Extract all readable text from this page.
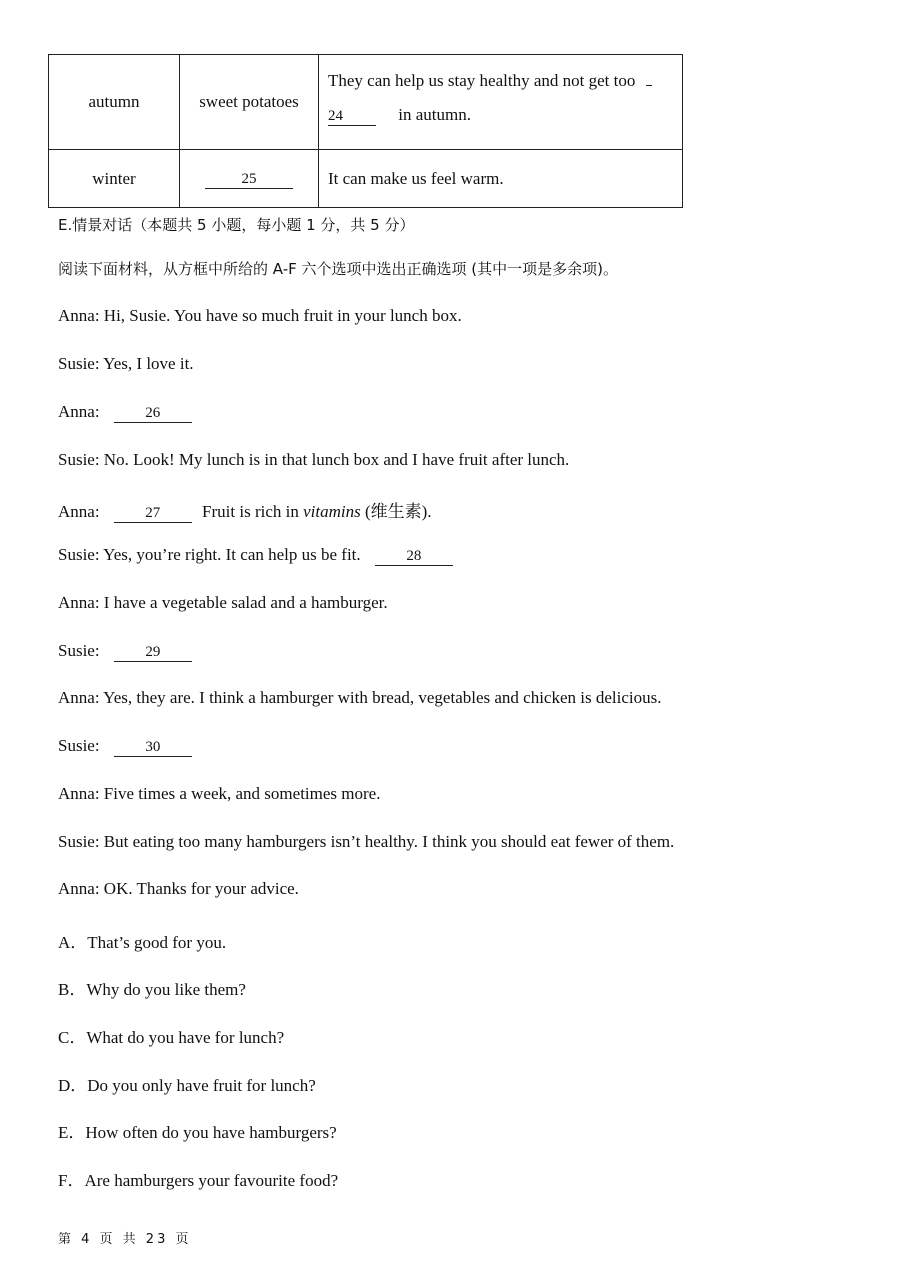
autumn	sweet potatoes	They can help us stay healthy and not get too
24 in autumn.

winter	25	It can make us feel warm.
E.情景对话（本题共 5 小题，每小题 1 分，共 5 分）
阅读下面材料，从方框中所给的 A-F 六个选项中选出正确选项 (其中一项是多余项)。
Anna: Hi, Susie. You have so much fruit in your lunch box.
Susie: Yes, I love it.
Anna:	26
Susie: No. Look! My lunch is in that lunch box and I have fruit after lunch.
Anna:	27 Fruit is rich in vitamins (维生素).
Susie: Yes, you’re right. It can help us be fit.	28
Anna: I have a vegetable salad and a hamburger.
Susie:	29
Anna: Yes, they are. I think a hamburger with bread, vegetables and chicken is delicious.
Susie:	30
Anna: Five times a week, and sometimes more.
Susie: But eating too many hamburgers isn’t healthy. I think you should eat fewer of them.
Anna: OK. Thanks for your advice.
A．That’s good for you.
B．Why do you like them?
C．What do you have for lunch?
D．Do you only have fruit for lunch?
E．How often do you have hamburgers?
F．Are hamburgers your favourite food?
第 4 页 共 23 页
